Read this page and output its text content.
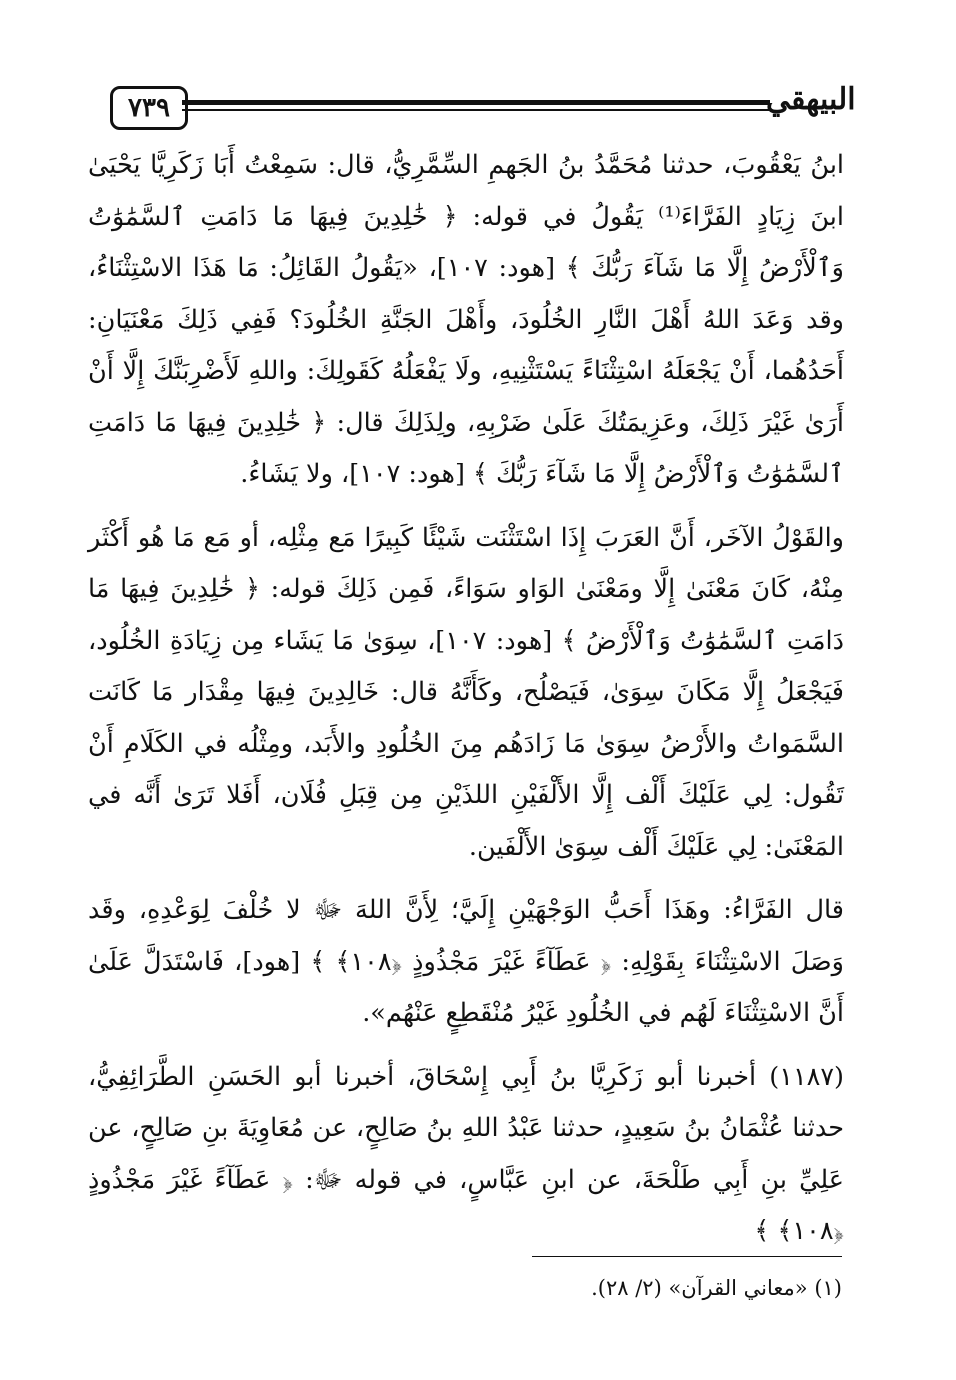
٧٣٩	البيهقي

ابنُ يَعْقُوبَ، حدثنا مُحَمَّدُ بنُ الجَهمِ السِّمَّرِيُّ، قال: سَمِعْتُ أَبَا زَكَرِيَّا يَحْيَىٰ ابنَ زِيَادٍ الفَرَّاءَ⁽¹⁾ يَقُولُ في قوله: ﴿ خَٰلِدِينَ فِيهَا مَا دَامَتِ ٱلسَّمَٰوَٰتُ وَٱلْأَرْضُ إِلَّا مَا شَآءَ رَبُّكَ ﴾ [هود: ١٠٧]، «يَقُولُ القَائِلُ: مَا هَذَا الاسْتِثْنَاءُ، وقد وَعَدَ اللهُ أَهْلَ النَّارِ الخُلُودَ، وأَهْلَ الجَنَّةِ الخُلُودَ؟ فَفِي ذَلِكَ مَعْنَيَانِ: أَحَدُهُما، أَنْ يَجْعَلَهُ اسْتِثْنَاءً يَسْتَثْنِيهِ، ولَا يَفْعَلُهُ كَقَولِكَ: واللهِ لَأَضْرِبَنَّكَ إِلَّا أَنْ أَرَىٰ غَيْرَ ذَلِكَ، وعَزِيمَتُكَ عَلَىٰ ضَرْبِهِ، ولِذَلِكَ قال: ﴿ خَٰلِدِينَ فِيهَا مَا دَامَتِ ٱلسَّمَٰوَٰتُ وَٱلْأَرْضُ إِلَّا مَا شَآءَ رَبُّكَ ﴾ [هود: ١٠٧]، ولا يَشَاءُ.

والقَوْلُ الآخَر، أَنَّ العَرَبَ إِذَا اسْتَثْنَت شَيْئًا كَبِيرًا مَع مِثْلِه، أو مَع مَا هُو أَكْثَر مِنْهُ، كَانَ مَعْنَىٰ إِلَّا ومَعْنَىٰ الوَاو سَوَاءً، فَمِن ذَلِكَ قوله: ﴿ خَٰلِدِينَ فِيهَا مَا دَامَتِ ٱلسَّمَٰوَٰتُ وَٱلْأَرْضُ ﴾ [هود: ١٠٧]، سِوَىٰ مَا يَشَاء مِن زِيَادَةِ الخُلُود، فَيَجْعَلُ إِلَّا مَكَانَ سِوَىٰ، فَيَصْلُح، وكَأَنَّهُ قال: خَالِدِينَ فِيهَا مِقْدَار مَا كَانَت السَّمَواتُ والأَرْضُ سِوَىٰ مَا زَادَهُم مِنَ الخُلُودِ والأَبَد، ومِثْلُه في الكَلَامِ أَنْ تَقُول: لِي عَلَيْكَ أَلْف إِلَّا الأَلْفَيْنِ اللذَيْنِ مِن قِبَلِ فُلَان، أَفَلا تَرَىٰ أَنَّه في المَعْنَىٰ: لِي عَلَيْكَ أَلْف سِوَىٰ الأَلْفَين.

قال الفَرَّاءُ: وهَذَا أَحَبُّ الوَجْهَيْنِ إِلَيَّ؛ لِأَنَّ اللهَ ﷻ لا خُلْفَ لِوَعْدِهِ، وقَد وَصَلَ الاسْتِثْنَاءَ بِقَوْلِهِ: ﴿ عَطَآءً غَيْرَ مَجْذُوذٍ ﴿١٠٨﴾ ﴾ [هود]، فَاسْتَدَلَّ عَلَىٰ أَنَّ الاسْتِثْنَاءَ لَهُم في الخُلُودِ غَيْرُ مُنْقَطِعٍ عَنْهُم».

(١١٨٧) أخبرنا أبو زَكَرِيَّا بنُ أَبِي إِسْحَاقَ، أخبرنا أبو الحَسَنِ الطَّرَائِفِيُّ، حدثنا عُثْمَانُ بنُ سَعِيدٍ، حدثنا عَبْدُ اللهِ بنُ صَالِحٍ، عن مُعَاوِيَةَ بنِ صَالِحٍ، عن عَلِيِّ بنِ أَبِي طَلْحَةَ، عن ابنِ عَبَّاسٍ، في قوله ﷻ: ﴿ عَطَآءً غَيْرَ مَجْذُوذٍ ﴿١٠٨﴾ ﴾

(١) «معاني القرآن» (٢/ ٢٨).
